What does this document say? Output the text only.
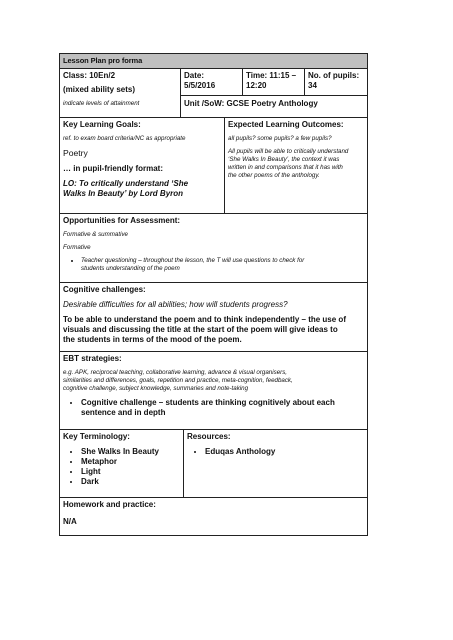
Lesson Plan pro forma
Class: 10En/2
(mixed ability sets)
indicate levels of attainment
Date:
5/5/2016
Time: 11:15 –
12:20
No. of pupils:
34
Unit /SoW: GCSE Poetry Anthology
Key Learning Goals:
ref. to exam board criteria/NC as appropriate
Poetry
… in pupil-friendly format:
LO: To critically understand ‘She
Walks In Beauty’ by Lord Byron
Expected Learning Outcomes:
all pupils? some pupils? a few pupils?
All pupils will be able to critically understand
‘She Walks In Beauty’, the context it was
written in and comparisons that it has with
the other poems of the anthology.
Opportunities for Assessment:
Formative & summative
Formative
• Teacher questioning – throughout the lesson, the T will use questions to check for
students understanding of the poem
Cognitive challenges:
Desirable difficulties for all abilities; how will students progress?
To be able to understand the poem and to think independently – the use of
visuals and discussing the title at the start of the poem will give ideas to
the students in terms of the mood of the poem.
EBT strategies:
e.g. APK, reciprocal teaching, collaborative learning, advance & visual organisers,
similarities and differences, goals, repetition and practice, meta-cognition, feedback,
cognitive challenge, subject knowledge, summaries and note-taking
• Cognitive challenge – students are thinking cognitively about each
sentence and in depth
Key Terminology:
• She Walks In Beauty
• Metaphor
• Light
• Dark
Resources:
• Eduqas Anthology
Homework and practice:
N/A
